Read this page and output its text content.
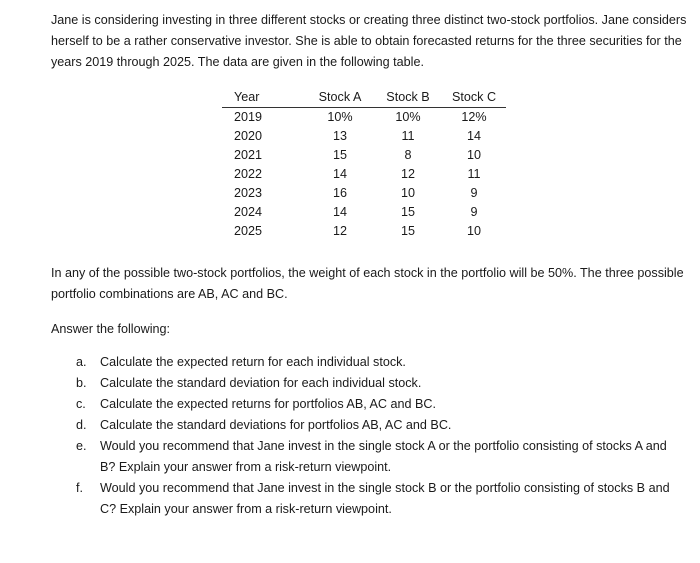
Jane is considering investing in three different stocks or creating three distinct two-stock portfolios. Jane considers herself to be a rather conservative investor. She is able to obtain forecasted returns for the three securities for the years 2019 through 2025. The data are given in the following table.

Year	Stock A	Stock B	Stock C
2019	10%	10%	12%
2020	13	11	14
2021	15	8	10
2022	14	12	11
2023	16	10	9
2024	14	15	9
2025	12	15	10

In any of the possible two-stock portfolios, the weight of each stock in the portfolio will be 50%. The three possible portfolio combinations are AB, AC and BC.

Answer the following:

a.	Calculate the expected return for each individual stock.
b.	Calculate the standard deviation for each individual stock.
c.	Calculate the expected returns for portfolios AB, AC and BC.
d.	Calculate the standard deviations for portfolios AB, AC and BC.
e.	Would you recommend that Jane invest in the single stock A or the portfolio consisting of stocks A and B? Explain your answer from a risk-return viewpoint.
f.	Would you recommend that Jane invest in the single stock B or the portfolio consisting of stocks B and C? Explain your answer from a risk-return viewpoint.
